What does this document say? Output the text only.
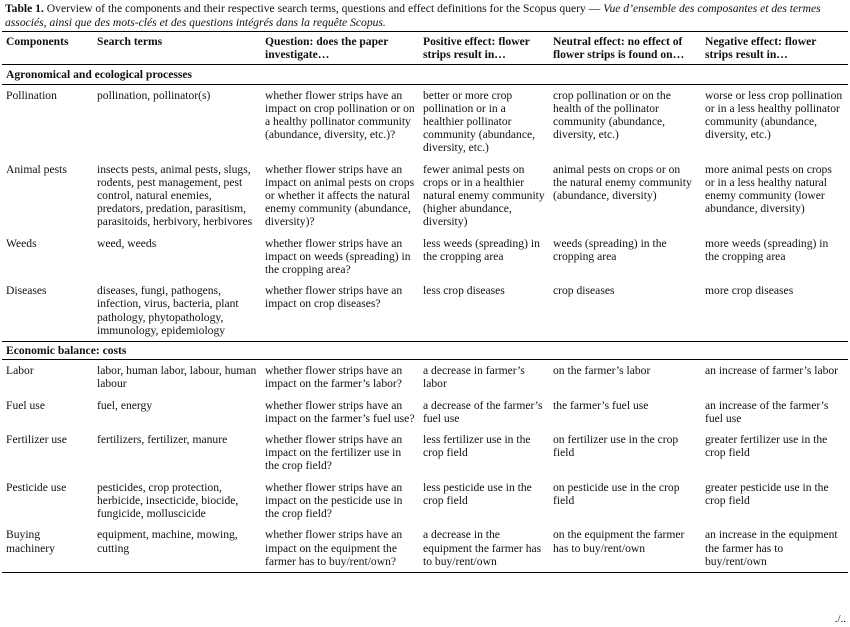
Table 1. Overview of the components and their respective search terms, questions and effect definitions for the Scopus query — Vue d’ensemble des composantes et des termes associés, ainsi que des mots-clés et des questions intégrés dans la requête Scopus.
Components	Search terms	Question: does the paper investigate…	Positive effect: flower strips result in…	Neutral effect: no effect of flower strips is found on…	Negative effect: flower strips result in…
Agronomical and ecological processes					
Pollination	pollination, pollinator(s)	whether flower strips have an impact on crop pollination or on a healthy pollinator community (abundance, diversity, etc.)?	better or more crop pollination or in a healthier pollinator community (abundance, diversity, etc.)	crop pollination or on the health of the pollinator community (abundance, diversity, etc.)	worse or less crop pollination or in a less healthy pollinator community (abundance, diversity, etc.)
Animal pests	insects pests, animal pests, slugs, rodents, pest management, pest control, natural enemies, predators, predation, parasitism, parasitoids, herbivory, herbivores	whether flower strips have an impact on animal pests on crops or whether it affects the natural enemy community (abundance, diversity)?	fewer animal pests on crops or in a healthier natural enemy community (higher abundance, diversity)	animal pests on crops or on the natural enemy community (abundance, diversity)	more animal pests on crops or in a less healthy natural enemy community (lower abundance, diversity)
Weeds	weed, weeds	whether flower strips have an impact on weeds (spreading) in the cropping area?	less weeds (spreading) in the cropping area	weeds (spreading) in the cropping area	more weeds (spreading) in the cropping area
Diseases	diseases, fungi, pathogens, infection, virus, bacteria, plant pathology, phytopathology, immunology, epidemiology	whether flower strips have an impact on crop diseases?	less crop diseases	crop diseases	more crop diseases
Economic balance: costs					
Labor	labor, human labor, labour, human labour	whether flower strips have an impact on the farmer’s labor?	a decrease in farmer’s labor	on the farmer’s labor	an increase of farmer’s labor
Fuel use	fuel, energy	whether flower strips have an impact on the farmer’s fuel use?	a decrease of the farmer’s fuel use	the farmer’s fuel use	an increase of the farmer’s fuel use
Fertilizer use	fertilizers, fertilizer, manure	whether flower strips have an impact on the fertilizer use in the crop field?	less fertilizer use in the crop field	on fertilizer use in the crop field	greater fertilizer use in the crop field
Pesticide use	pesticides, crop protection, herbicide, insecticide, biocide, fungicide, molluscicide	whether flower strips have an impact on the pesticide use in the crop field?	less pesticide use in the crop field	on pesticide use in the crop field	greater pesticide use in the crop field
Buying machinery	equipment, machine, mowing, cutting	whether flower strips have an impact on the equipment the farmer has to buy/rent/own?	a decrease in the equipment the farmer has to buy/rent/own	on the equipment the farmer has to buy/rent/own	an increase in the equipment the farmer has to buy/rent/own
./..
